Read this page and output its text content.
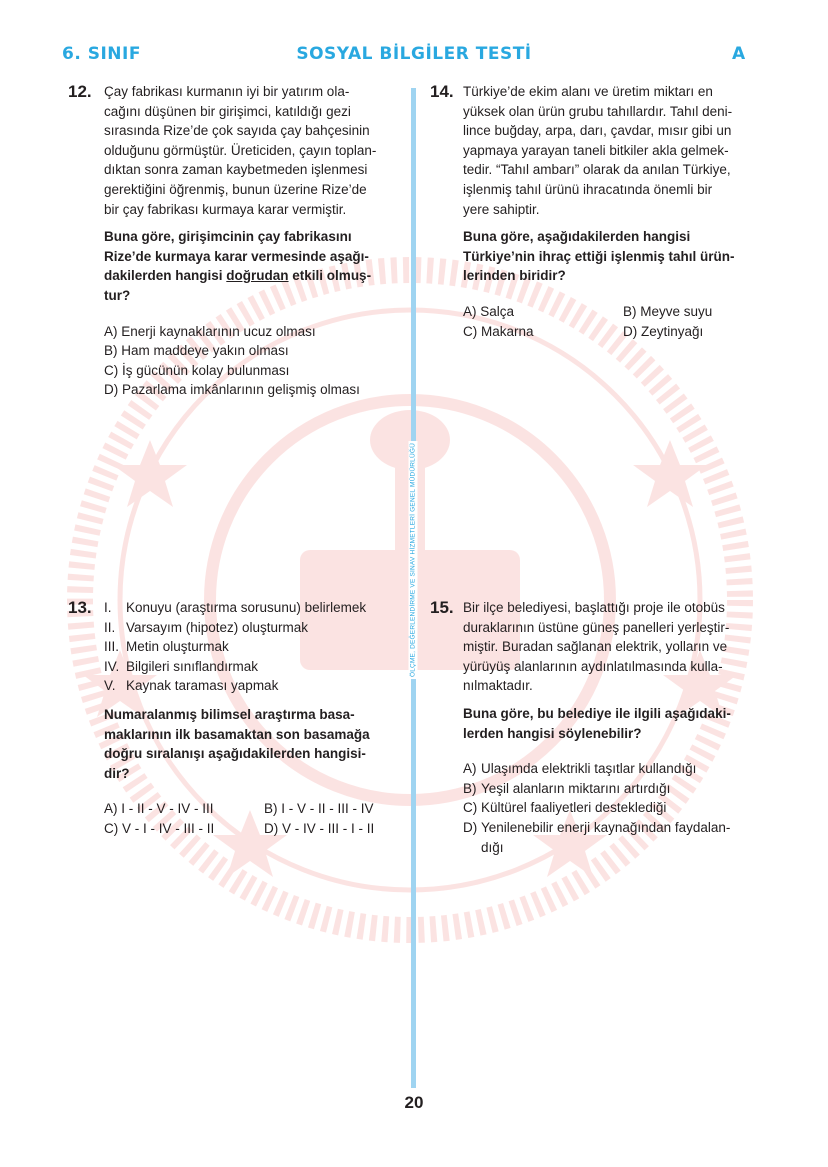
6. SINIF	SOSYAL BİLGİLER TESTİ	A
ÖLÇME, DEĞERLENDİRME VE SINAV HİZMETLERİ GENEL MÜDÜRLÜĞÜ
12. Çay fabrikası kurmanın iyi bir yatırım ola-
cağını düşünen bir girişimci, katıldığı gezi
sırasında Rize’de çok sayıda çay bahçesinin
olduğunu görmüştür. Üreticiden, çayın toplan-
dıktan sonra zaman kaybetmeden işlenmesi
gerektiğini öğrenmiş, bunun üzerine Rize’de
bir çay fabrikası kurmaya karar vermiştir.
Buna göre, girişimcinin çay fabrikasını
Rize’de kurmaya karar vermesinde aşağı-
dakilerden hangisi doğrudan etkili olmuş-
tur?
A) Enerji kaynaklarının ucuz olması
B) Ham maddeye yakın olması
C) İş gücünün kolay bulunması
D) Pazarlama imkânlarının gelişmiş olması
14. Türkiye’de ekim alanı ve üretim miktarı en
yüksek olan ürün grubu tahıllardır. Tahıl deni-
lince buğday, arpa, darı, çavdar, mısır gibi un
yapmaya yarayan taneli bitkiler akla gelmek-
tedir. “Tahıl ambarı” olarak da anılan Türkiye,
işlenmiş tahıl ürünü ihracatında önemli bir
yere sahiptir.
Buna göre, aşağıdakilerden hangisi
Türkiye’nin ihraç ettiği işlenmiş tahıl ürün-
lerinden biridir?
A) Salça	B) Meyve suyu
C) Makarna	D) Zeytinyağı
13. I.	Konuyu (araştırma sorusunu) belirlemek
II. Varsayım (hipotez) oluşturmak
III. Metin oluşturmak
IV. Bilgileri sınıflandırmak
V. Kaynak taraması yapmak
Numaralanmış bilimsel araştırma basa-
maklarının ilk basamaktan son basamağa
doğru sıralanışı aşağıdakilerden hangisi-
dir?
A) I - II - V - IV - III	B) I - V - II - III - IV
C) V - I - IV - III - II	D) V - IV - III - I - II
15. Bir ilçe belediyesi, başlattığı proje ile otobüs
duraklarının üstüne güneş panelleri yerleştir-
miştir. Buradan sağlanan elektrik, yolların ve
yürüyüş alanlarının aydınlatılmasında kulla-
nılmaktadır.
Buna göre, bu belediye ile ilgili aşağıdaki-
lerden hangisi söylenebilir?
A) Ulaşımda elektrikli taşıtlar kullandığı
B) Yeşil alanların miktarını artırdığı
C) Kültürel faaliyetleri desteklediği
D) Yenilenebilir enerji kaynağından faydalan-
dığı
20
